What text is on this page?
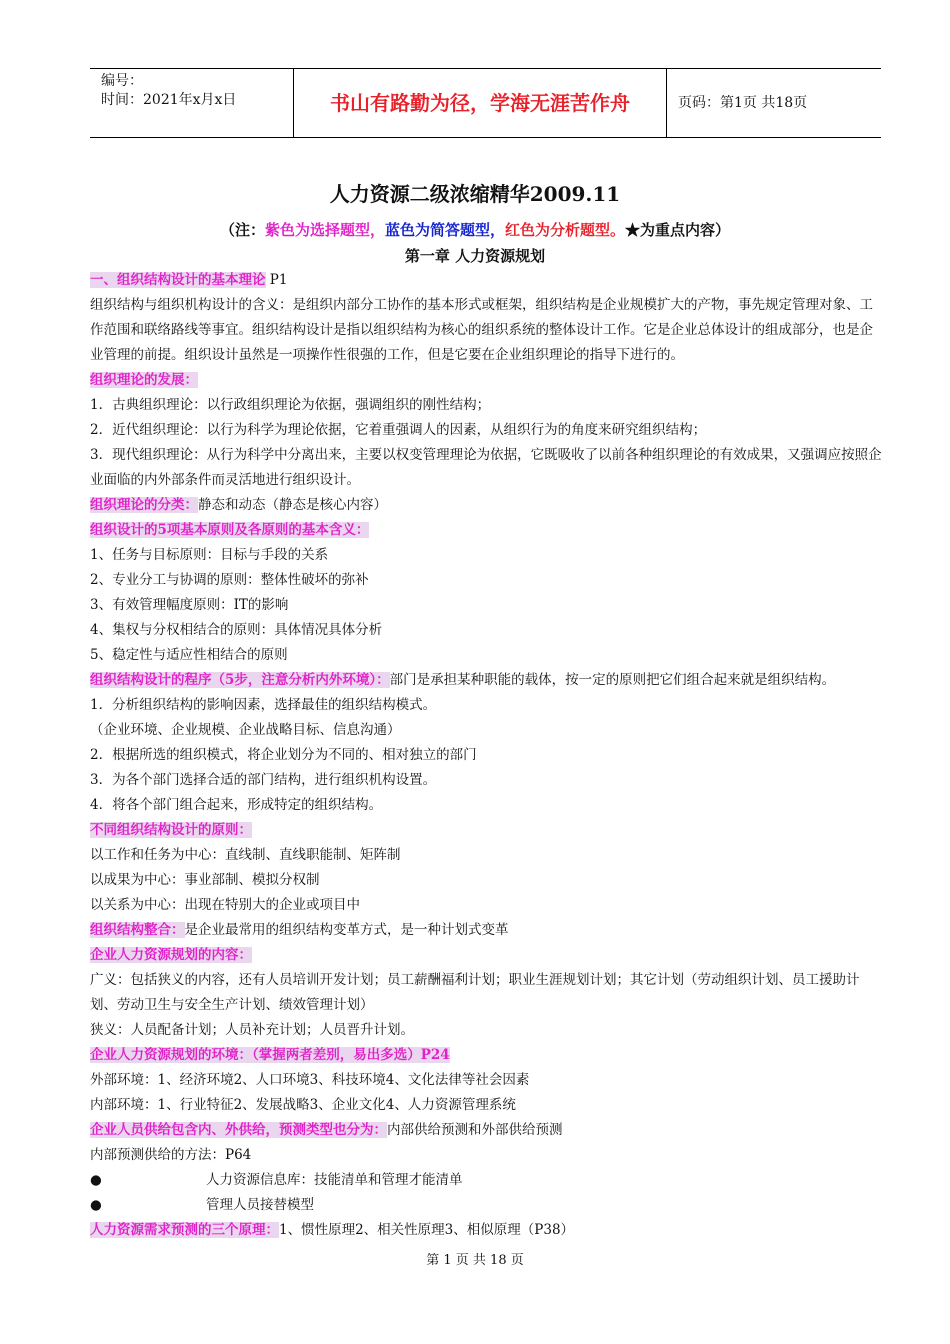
编号：
时间：2021年x月x日	书山有路勤为径，学海无涯苦作舟	页码：第1页 共18页
人力资源二级浓缩精华2009.11
（注：紫色为选择题型，蓝色为简答题型，红色为分析题型。★为重点内容）
第一章 人力资源规划

一、组织结构设计的基本理论 P1

组织结构与组织机构设计的含义：是组织内部分工协作的基本形式或框架，组织结构是企业规模扩大的产物，事先规定管理对象、工作范围和联络路线等事宜。组织结构设计是指以组织结构为核心的组织系统的整体设计工作。它是企业总体设计的组成部分，也是企业管理的前提。组织设计虽然是一项操作性很强的工作，但是它要在企业组织理论的指导下进行的。

组织理论的发展：

1．古典组织理论：以行政组织理论为依据，强调组织的刚性结构；

2．近代组织理论：以行为科学为理论依据，它着重强调人的因素，从组织行为的角度来研究组织结构；

3．现代组织理论：从行为科学中分离出来，主要以权变管理理论为依据，它既吸收了以前各种组织理论的有效成果，又强调应按照企业面临的内外部条件而灵活地进行组织设计。

组织理论的分类：静态和动态（静态是核心内容）

组织设计的5项基本原则及各原则的基本含义：

1、任务与目标原则：目标与手段的关系

2、专业分工与协调的原则：整体性破坏的弥补

3、有效管理幅度原则：IT的影响

4、集权与分权相结合的原则：具体情况具体分析

5、稳定性与适应性相结合的原则

组织结构设计的程序（5步，注意分析内外环境）：部门是承担某种职能的载体，按一定的原则把它们组合起来就是组织结构。

1．分析组织结构的影响因素，选择最佳的组织结构模式。

（企业环境、企业规模、企业战略目标、信息沟通）

2．根据所选的组织模式，将企业划分为不同的、相对独立的部门

3．为各个部门选择合适的部门结构，进行组织机构设置。

4．将各个部门组合起来，形成特定的组织结构。

不同组织结构设计的原则：

以工作和任务为中心：直线制、直线职能制、矩阵制

以成果为中心：事业部制、模拟分权制

以关系为中心：出现在特别大的企业或项目中

组织结构整合：是企业最常用的组织结构变革方式，是一种计划式变革

企业人力资源规划的内容：

广义：包括狭义的内容，还有人员培训开发计划；员工薪酬福利计划；职业生涯规划计划；其它计划（劳动组织计划、员工援助计划、劳动卫生与安全生产计划、绩效管理计划）

狭义：人员配备计划；人员补充计划；人员晋升计划。

企业人力资源规划的环境：（掌握两者差别，易出多选）P24

外部环境：1、经济环境2、人口环境3、科技环境4、文化法律等社会因素

内部环境：1、行业特征2、发展战略3、企业文化4、人力资源管理系统

企业人员供给包含内、外供给，预测类型也分为：内部供给预测和外部供给预测

内部预测供给的方法：P64

●	人力资源信息库：技能清单和管理才能清单
●	管理人员接替模型

人力资源需求预测的三个原理：1、惯性原理2、相关性原理3、相似原理（P38）

第 1 页 共 18 页
